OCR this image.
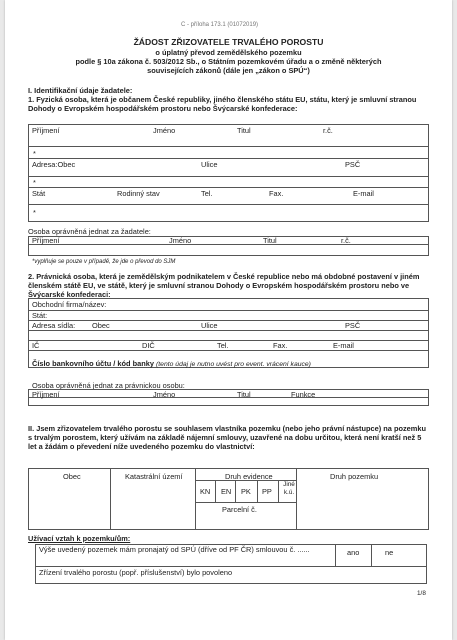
C - příloha 173.1 (01072019)
ŽÁDOST ZŘIZOVATELE TRVALÉHO POROSTU
o úplatný převod zemědělského pozemku
podle § 10a zákona č. 503/2012 Sb., o Státním pozemkovém úřadu a o změně některých
souvisejících zákonů (dále jen „zákon o SPÚ“)
I. Identifikační údaje žadatele:
1. Fyzická osoba, která je občanem České republiky, jiného členského státu EU, státu, který je smluvní stranou Dohody o Evropském hospodářském prostoru nebo Švýcarské konfederace:
Příjmení	Jméno	Titul	r.č.
*
Adresa:Obec	Ulice	PSČ
*
Stát	Rodinný stav	Tel.	Fax.	E-mail
*
Osoba oprávněná jednat za žadatele:
Příjmení	Jméno	Titul	r.č.
*vyplňuje se pouze v případě, že jde o převod do SJM
2. Právnická osoba, která je zemědělským podnikatelem v České republice nebo má obdobné postavení v jiném členském státě EU, ve státě, který je smluvní stranou Dohody o Evropském hospodářském prostoru nebo ve Švýcarské konfederaci:
Obchodní firma/název:
Stát:
Adresa sídla: Obec	Ulice	PSČ
IČ	DIČ	Tel.	Fax.	E-mail
Číslo bankovního účtu / kód banky (tento údaj je nutno uvést pro event. vrácení kauce)
Osoba oprávněná jednat za právnickou osobu:
Příjmení	Jméno	Titul	Funkce
II. Jsem zřizovatelem trvalého porostu se souhlasem vlastníka pozemku (nebo jeho právní nástupce) na pozemku s trvalým porostem, který užívám na základě nájemní smlouvy, uzavřené na dobu určitou, která není kratší než 5 let a žádám o převedení níže uvedeného pozemku do vlastnictví:
Obec	Katastrální území	Druh evidence	Druh pozemku
KN EN PK PP
Jiné k.ú.
Parcelní č.
Užívací vztah k pozemku/ům:
Výše uvedený pozemek mám pronajatý od SPÚ (dříve od PF ČR) smlouvou č. ......	ano	ne
Zřízení trvalého porostu (popř. příslušenství) bylo povoleno
1/8
